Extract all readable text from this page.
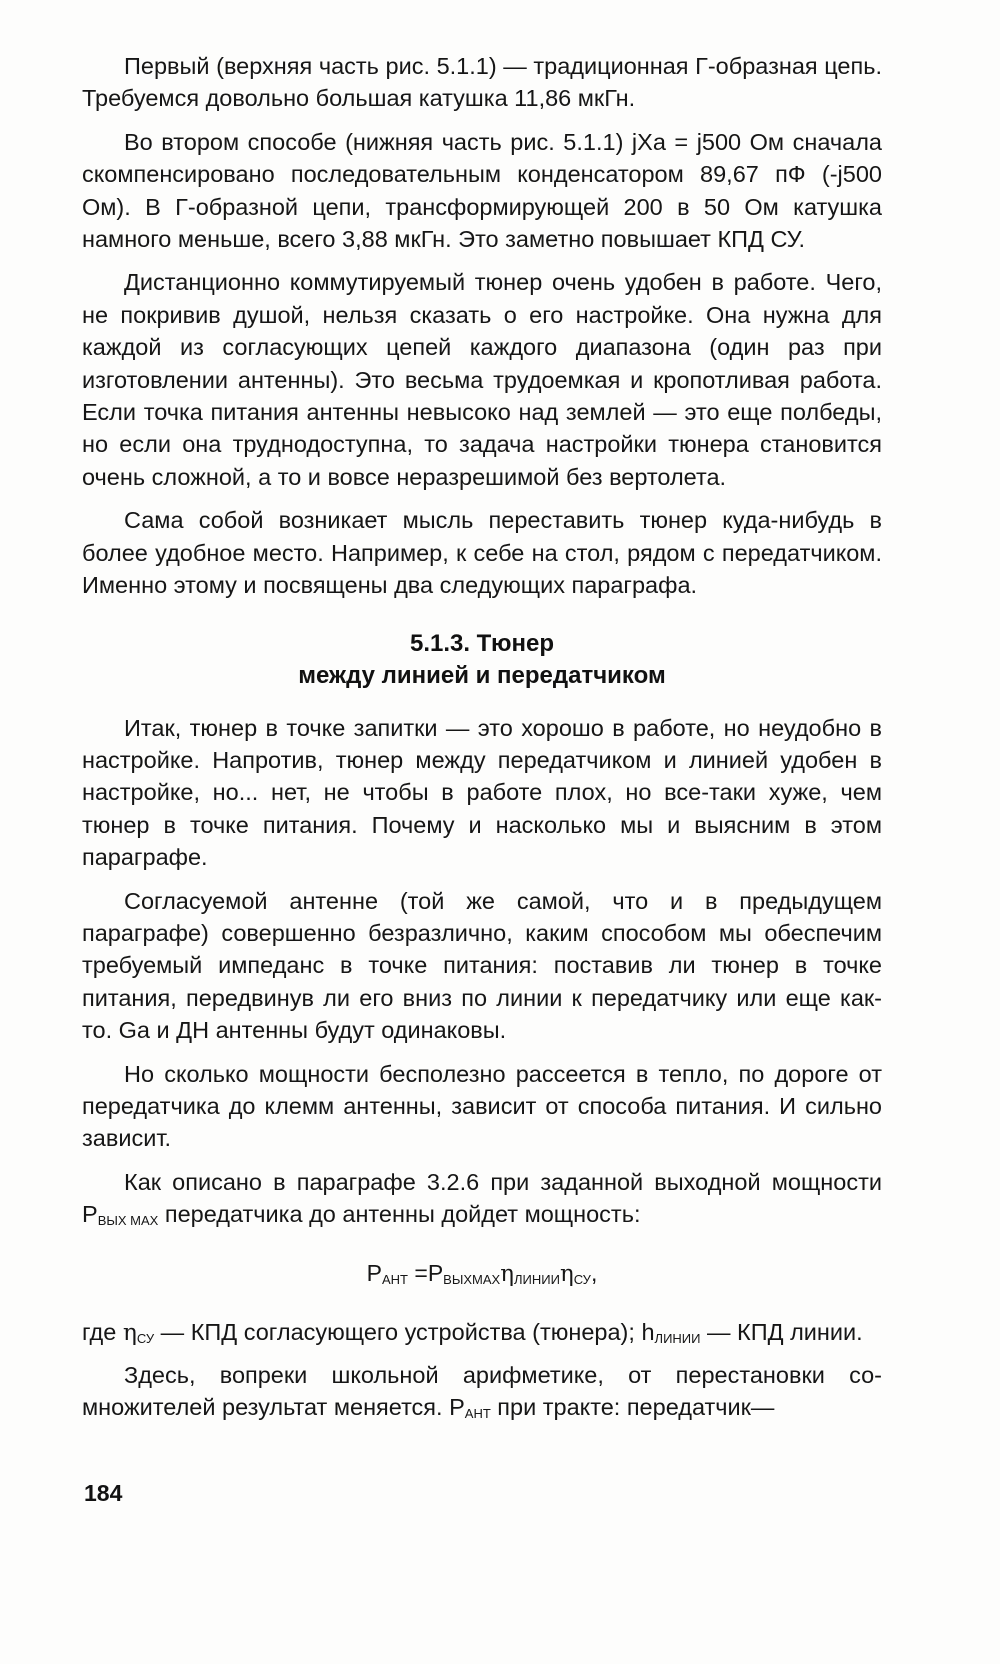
Первый (верхняя часть рис. 5.1.1) — традиционная Г-образная цепь. Требуемся довольно большая катушка 11,86 мкГн.

Во втором способе (нижняя часть рис. 5.1.1) jXa = j500 Ом сначала скомпенсировано последовательным конденсатором 89,67 пФ (-j500 Ом). В Г-образной цепи, трансформирующей 200 в 50 Ом катушка намного меньше, всего 3,88 мкГн. Это заметно повышает КПД СУ.

Дистанционно коммутируемый тюнер очень удобен в работе. Чего, не покривив душой, нельзя сказать о его настройке. Она нужна для каждой из согласующих цепей каждого диапазона (один раз при изготовлении антенны). Это весьма трудоемкая и кропотливая работа. Если точка питания антенны невысоко над землей — это еще полбеды, но если она труднодоступна, то задача настройки тюнера становится очень сложной, а то и вовсе неразрешимой без вертолета.

Сама собой возникает мысль переставить тюнер куда-нибудь в более удобное место. Например, к себе на стол, рядом с передатчиком. Именно этому и посвящены два следующих параграфа.

5.1.3. Тюнер
между линией и передатчиком

Итак, тюнер в точке запитки — это хорошо в работе, но неудобно в настройке. Напротив, тюнер между передатчиком и линией удобен в настройке, но... нет, не чтобы в работе плох, но все-таки хуже, чем тюнер в точке питания. Почему и насколько мы и выясним в этом параграфе.

Согласуемой антенне (той же самой, что и в предыдущем параграфе) совершенно безразлично, каким способом мы обеспечим требуемый импеданс в точке питания: поставив ли тюнер в точке питания, передвинув ли его вниз по линии к передатчику или еще как-то. Ga и ДН антенны будут одинаковы.

Но сколько мощности бесполезно рассеется в тепло, по дороге от передатчика до клемм антенны, зависит от способа питания. И сильно зависит.

Как описано в параграфе 3.2.6 при заданной выходной мощности $P_{ВЫХ MAX}$ передатчика до антенны дойдет мощность:

$P_{АНТ} =P_{ВЫХMAX}\eta_{ЛИНИИ}\eta_{СУ}$,

где $\eta_{СУ}$ — КПД согласующего устройства (тюнера); $h_{ЛИНИИ}$ — КПД линии.

Здесь, вопреки школьной арифметике, от перестановки сомножителей результат меняется. $P_{АНТ}$ при тракте: передатчик—

184
